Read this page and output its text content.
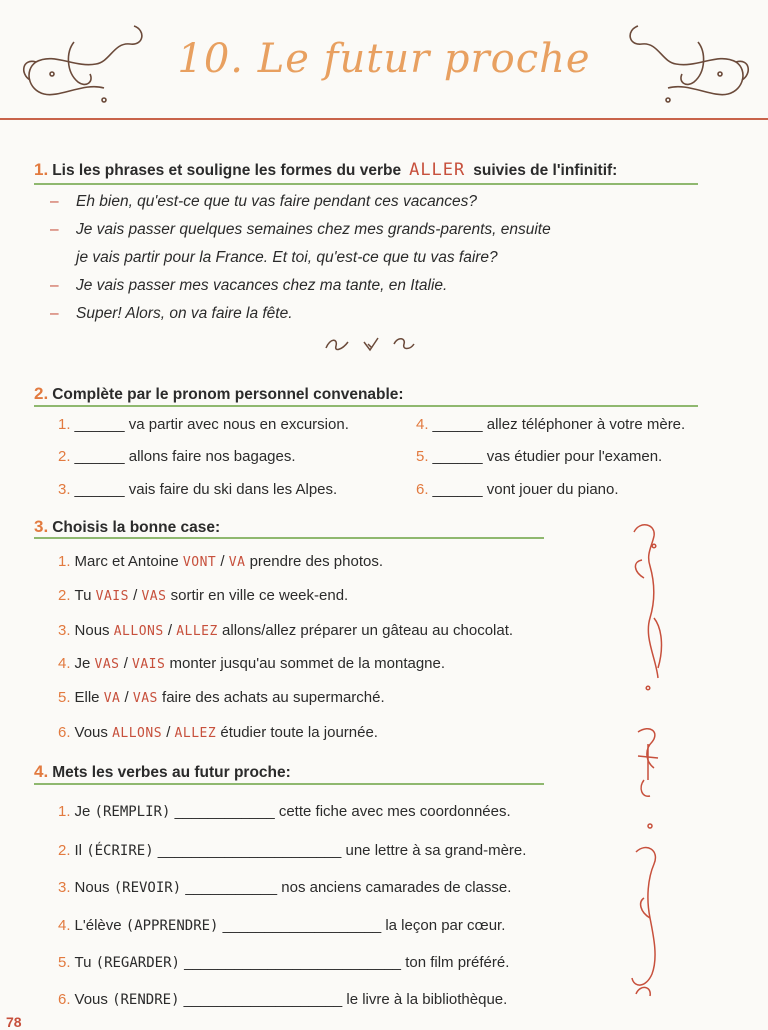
10. Le futur proche
1. Lis les phrases et souligne les formes du verbe ALLER suivies de l'infinitif:
– Eh bien, qu'est-ce que tu vas faire pendant ces vacances?
– Je vais passer quelques semaines chez mes grands-parents, ensuite
je vais partir pour la France. Et toi, qu'est-ce que tu vas faire?
– Je vais passer mes vacances chez ma tante, en Italie.
– Super! Alors, on va faire la fête.
2. Complète par le pronom personnel convenable:
1. ______ va partir avec nous en excursion.
2. ______ allons faire nos bagages.
3. ______ vais faire du ski dans les Alpes.
4. ______ allez téléphoner à votre mère.
5. ______ vas étudier pour l'examen.
6. ______ vont jouer du piano.
3. Choisis la bonne case:
1. Marc et Antoine VONT / VA prendre des photos.
2. Tu VAIS / VAS sortir en ville ce week-end.
3. Nous ALLONS / ALLEZ allons/allez préparer un gâteau au chocolat.
4. Je VAS / VAIS monter jusqu'au sommet de la montagne.
5. Elle VA / VAS faire des achats au supermarché.
6. Vous ALLONS / ALLEZ étudier toute la journée.
4. Mets les verbes au futur proche:
1. Je (REMPLIR) ____________ cette fiche avec mes coordonnées.
2. Il (ÉCRIRE) ______________________ une lettre à sa grand-mère.
3. Nous (REVOIR) ___________ nos anciens camarades de classe.
4. L'élève (APPRENDRE) ___________________ la leçon par cœur.
5. Tu (REGARDER) __________________________ ton film préféré.
6. Vous (RENDRE) ___________________ le livre à la bibliothèque.
78
